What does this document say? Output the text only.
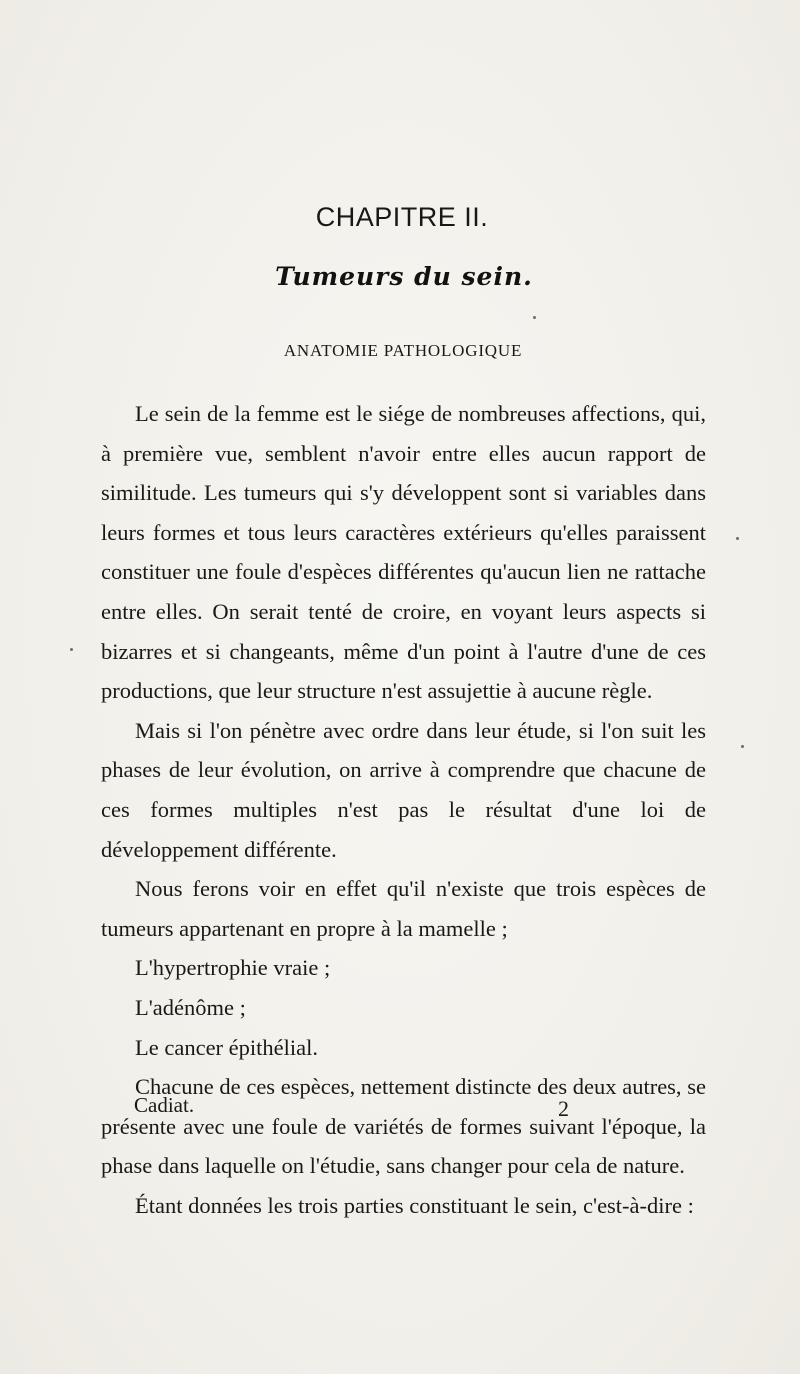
CHAPITRE II.
Tumeurs du sein.
ANATOMIE PATHOLOGIQUE

Le sein de la femme est le siége de nombreuses affections, qui, à première vue, semblent n'avoir entre elles aucun rapport de similitude. Les tumeurs qui s'y développent sont si variables dans leurs formes et tous leurs caractères extérieurs qu'elles paraissent constituer une foule d'espèces différentes qu'aucun lien ne rattache entre elles. On serait tenté de croire, en voyant leurs aspects si bizarres et si changeants, même d'un point à l'autre d'une de ces productions, que leur structure n'est assujettie à aucune règle.

Mais si l'on pénètre avec ordre dans leur étude, si l'on suit les phases de leur évolution, on arrive à comprendre que chacune de ces formes multiples n'est pas le résultat d'une loi de développement différente.

Nous ferons voir en effet qu'il n'existe que trois espèces de tumeurs appartenant en propre à la mamelle ;

L'hypertrophie vraie ;

L'adénôme ;

Le cancer épithélial.

Chacune de ces espèces, nettement distincte des deux autres, se présente avec une foule de variétés de formes suivant l'époque, la phase dans laquelle on l'étudie, sans changer pour cela de nature.

Étant données les trois parties constituant le sein, c'est-à-dire :

Cadiat.	2
